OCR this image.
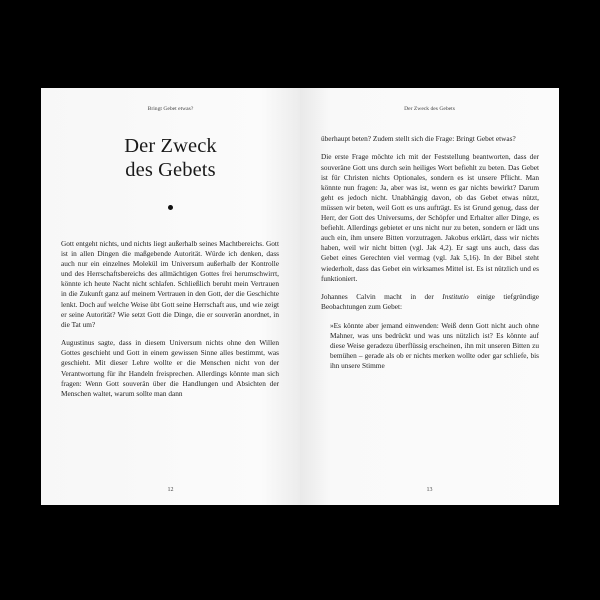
Bringt Gebet etwas?
Der Zweck
des Gebets

Gott entgeht nichts, und nichts liegt außerhalb seines Machtbereichs. Gott ist in allen Dingen die maßgebende Autorität. Würde ich denken, dass auch nur ein einzelnes Molekül im Universum außerhalb der Kontrolle und des Herrschaftsbereichs des allmächtigen Gottes frei herumschwirrt, könnte ich heute Nacht nicht schlafen. Schließlich beruht mein Vertrauen in die Zukunft ganz auf meinem Vertrauen in den Gott, der die Geschichte lenkt. Doch auf welche Weise übt Gott seine Herrschaft aus, und wie zeigt er seine Autorität? Wie setzt Gott die Dinge, die er souverän anordnet, in die Tat um?

Augustinus sagte, dass in diesem Universum nichts ohne den Willen Gottes geschieht und Gott in einem gewissen Sinne alles bestimmt, was geschieht. Mit dieser Lehre wollte er die Menschen nicht von der Verantwortung für ihr Handeln freisprechen. Allerdings könnte man sich fragen: Wenn Gott souverän über die Handlungen und Absichten der Menschen waltet, warum sollte man dann

12
Der Zweck des Gebets

überhaupt beten? Zudem stellt sich die Frage: Bringt Gebet etwas?

Die erste Frage möchte ich mit der Feststellung beantworten, dass der souveräne Gott uns durch sein heiliges Wort befiehlt zu beten. Das Gebet ist für Christen nichts Optionales, sondern es ist unsere Pflicht. Man könnte nun fragen: Ja, aber was ist, wenn es gar nichts bewirkt? Darum geht es jedoch nicht. Unabhängig davon, ob das Gebet etwas nützt, müssen wir beten, weil Gott es uns aufträgt. Es ist Grund genug, dass der Herr, der Gott des Universums, der Schöpfer und Erhalter aller Dinge, es befiehlt. Allerdings gebietet er uns nicht nur zu beten, sondern er lädt uns auch ein, ihm unsere Bitten vorzutragen. Jakobus erklärt, dass wir nichts haben, weil wir nicht bitten (vgl. Jak 4,2). Er sagt uns auch, dass das Gebet eines Gerechten viel vermag (vgl. Jak 5,16). In der Bibel steht wiederholt, dass das Gebet ein wirksames Mittel ist. Es ist nützlich und es funktioniert.

Johannes Calvin macht in der Institutio einige tiefgründige Beobachtungen zum Gebet:

»Es könnte aber jemand einwenden: Weiß denn Gott nicht auch ohne Mahner, was uns bedrückt und was uns nützlich ist? Es könnte auf diese Weise geradezu überflüssig erscheinen, ihn mit unseren Bitten zu bemühen – gerade als ob er nichts merken wollte oder gar schliefe, bis ihn unsere Stimme

13
